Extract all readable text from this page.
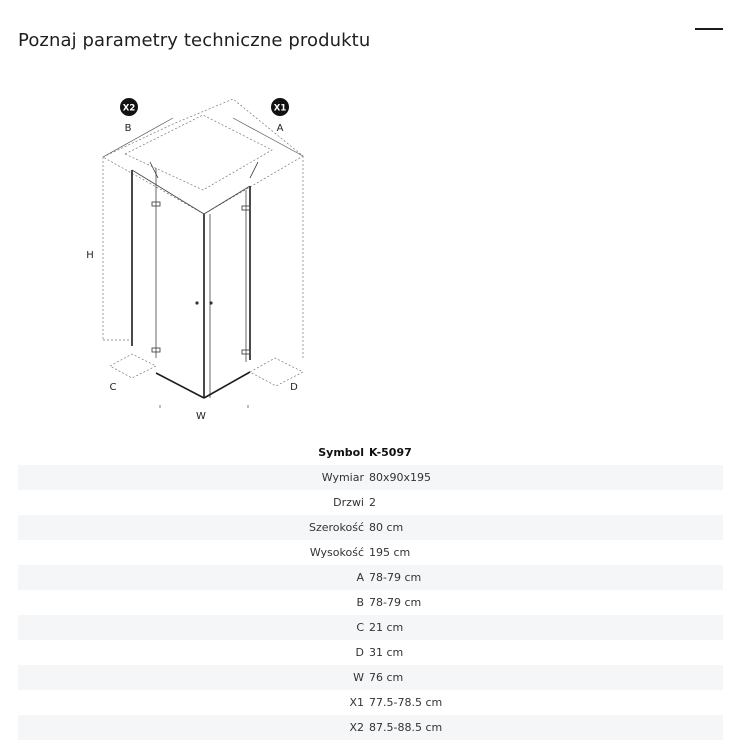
Poznaj parametry techniczne produktu
X2	X1
B	A
H
C	D
W
Symbol K-5097
Wymiar 80x90x195
Drzwi 2
Szerokość 80 cm
Wysokość 195 cm
A 78-79 cm
B 78-79 cm
C 21 cm
D 31 cm
W 76 cm
X1 77.5-78.5 cm
X2 87.5-88.5 cm
